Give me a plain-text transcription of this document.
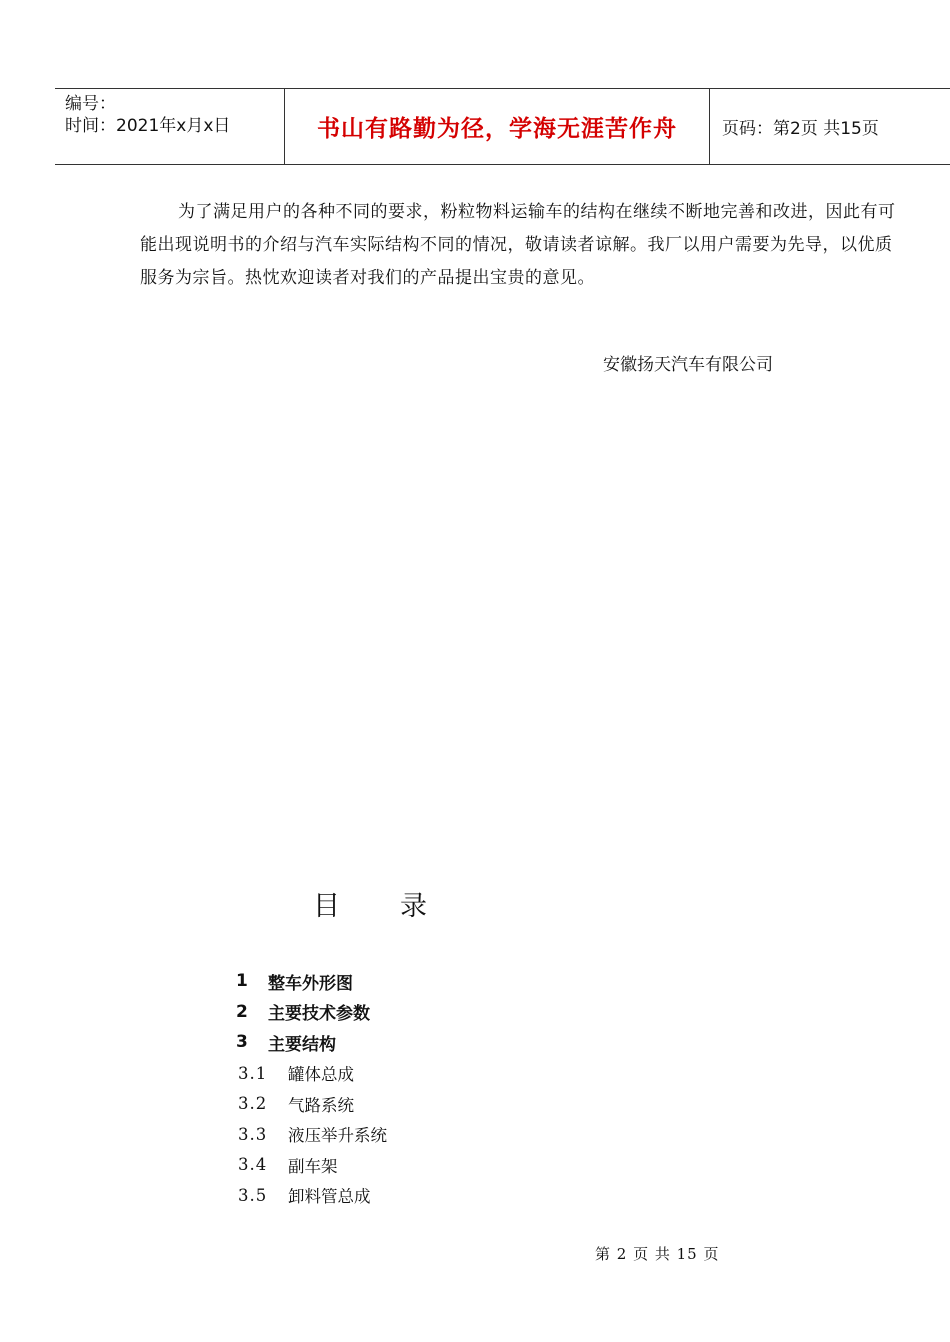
编号：
时间：2021年x月x日	书山有路勤为径，学海无涯苦作舟	页码：第2页 共15页
为了满足用户的各种不同的要求，粉粒物料运输车的结构在继续不断地完善和改进，因此有可能出现说明书的介绍与汽车实际结构不同的情况，敬请读者谅解。我厂以用户需要为先导，以优质服务为宗旨。热忱欢迎读者对我们的产品提出宝贵的意见。
安徽扬天汽车有限公司
目 录
1	整车外形图
2	主要技术参数
3	主要结构
3.1	罐体总成
3.2	气路系统
3.3	液压举升系统
3.4	副车架
3.5	卸料管总成
第 2 页 共 15 页
